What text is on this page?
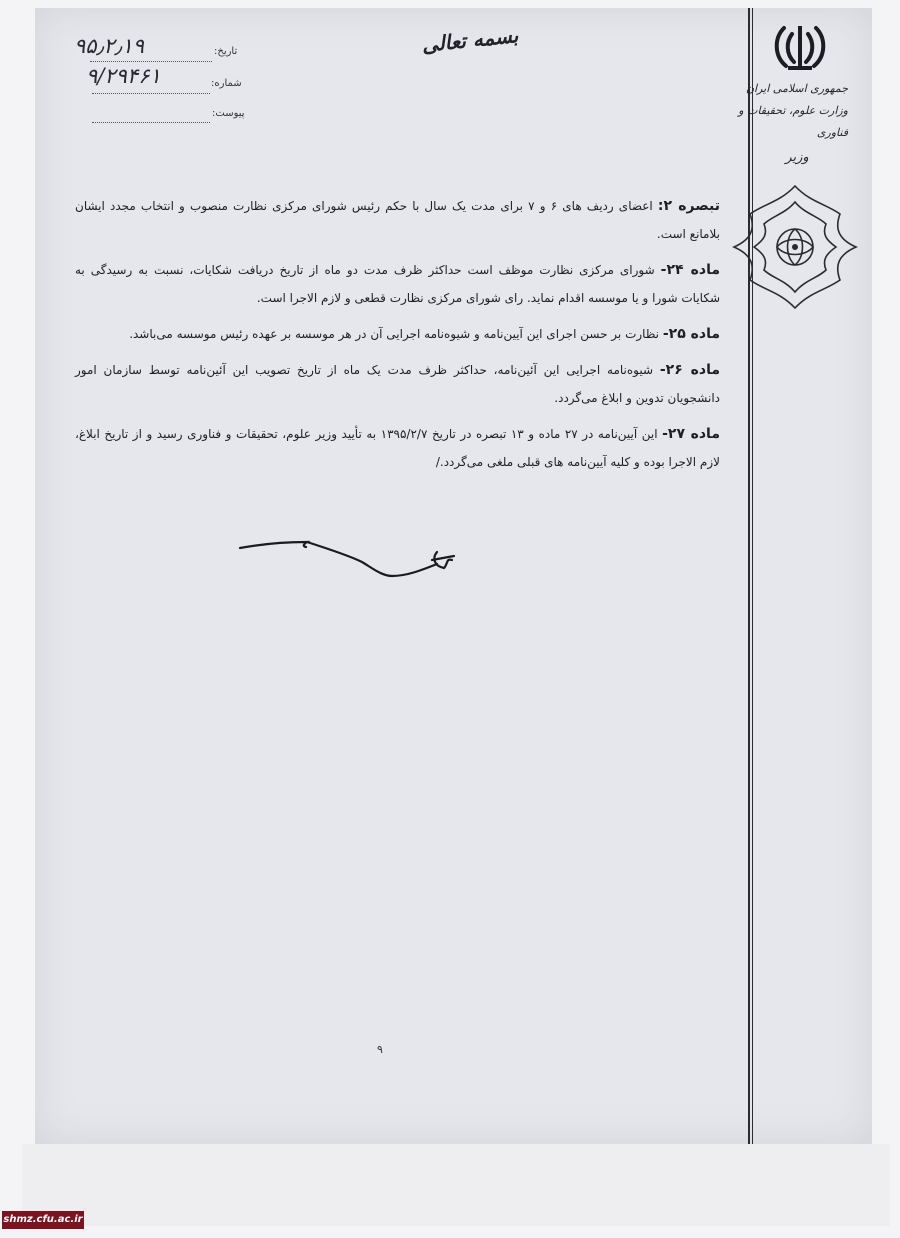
جمهوری اسلامی ایران
وزارت علوم، تحقیقات و فناوری
وزیر
بسمه تعالی
تاریخ:
۹۵٫۲٫۱۹
شماره:
۹/۲۹۴۶۱
پیوست:

تبصره ۲: اعضای ردیف های ۶ و ۷ برای مدت یک سال با حکم رئیس شورای مرکزی نظارت منصوب و انتخاب مجدد ایشان بلامانع است.

ماده ۲۴- شورای مرکزی نظارت موظف است حداکثر ظرف مدت دو ماه از تاریخ دریافت شکایات، نسبت به رسیدگی به شکایات شورا و یا موسسه اقدام نماید. رای شورای مرکزی نظارت قطعی و لازم الاجرا است.

ماده ۲۵- نظارت بر حسن اجرای این آیین‌نامه و شیوه‌نامه اجرایی آن در هر موسسه بر عهده رئیس موسسه می‌باشد.

ماده ۲۶- شیوه‌نامه اجرایی این آئین‌نامه، حداکثر ظرف مدت یک ماه از تاریخ تصویب این آئین‌نامه توسط سازمان امور دانشجویان تدوین و ابلاغ می‌گردد.

ماده ۲۷- این آیین‌نامه در ۲۷ ماده و ۱۳ تبصره در تاریخ ۱۳۹۵/۲/۷ به تأیید وزیر علوم، تحقیقات و فناوری رسید و از تاریخ ابلاغ، لازم الاجرا بوده و کلیه آیین‌نامه های قبلی ملغی می‌گردد./

۹
shmz.cfu.ac.ir
